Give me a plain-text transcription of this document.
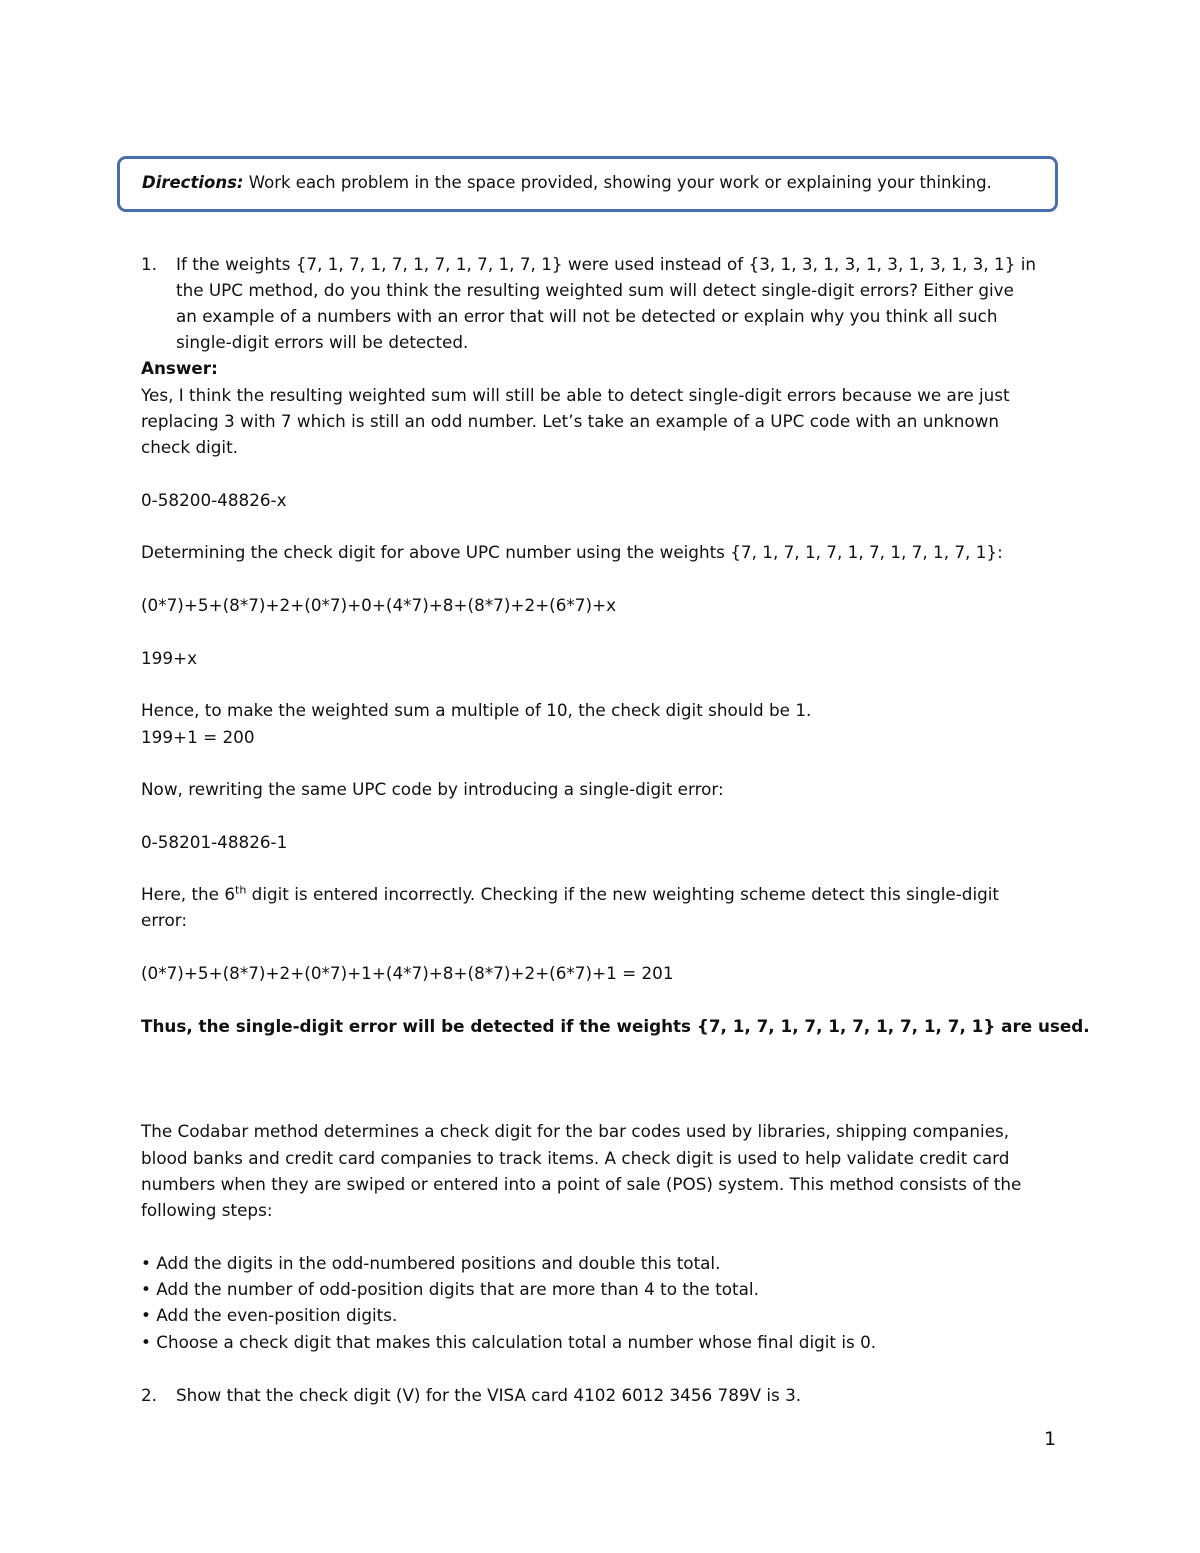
Directions: Work each problem in the space provided, showing your work or explaining your thinking.
1. If the weights {7, 1, 7, 1, 7, 1, 7, 1, 7, 1, 7, 1} were used instead of {3, 1, 3, 1, 3, 1, 3, 1, 3, 1, 3, 1} in
the UPC method, do you think the resulting weighted sum will detect single-digit errors? Either give
an example of a numbers with an error that will not be detected or explain why you think all such
single-digit errors will be detected.
Answer:
Yes, I think the resulting weighted sum will still be able to detect single-digit errors because we are just
replacing 3 with 7 which is still an odd number. Let’s take an example of a UPC code with an unknown
check digit.
0-58200-48826-x
Determining the check digit for above UPC number using the weights {7, 1, 7, 1, 7, 1, 7, 1, 7, 1, 7, 1}:
(0*7)+5+(8*7)+2+(0*7)+0+(4*7)+8+(8*7)+2+(6*7)+x
199+x
Hence, to make the weighted sum a multiple of 10, the check digit should be 1.
199+1 = 200
Now, rewriting the same UPC code by introducing a single-digit error:
0-58201-48826-1
Here, the 6th digit is entered incorrectly. Checking if the new weighting scheme detect this single-digit
error:
(0*7)+5+(8*7)+2+(0*7)+1+(4*7)+8+(8*7)+2+(6*7)+1 = 201
Thus, the single-digit error will be detected if the weights {7, 1, 7, 1, 7, 1, 7, 1, 7, 1, 7, 1} are used.
The Codabar method determines a check digit for the bar codes used by libraries, shipping companies,
blood banks and credit card companies to track items. A check digit is used to help validate credit card
numbers when they are swiped or entered into a point of sale (POS) system. This method consists of the
following steps:
• Add the digits in the odd-numbered positions and double this total.
• Add the number of odd-position digits that are more than 4 to the total.
• Add the even-position digits.
• Choose a check digit that makes this calculation total a number whose final digit is 0.
2. Show that the check digit (V) for the VISA card 4102 6012 3456 789V is 3.
1
